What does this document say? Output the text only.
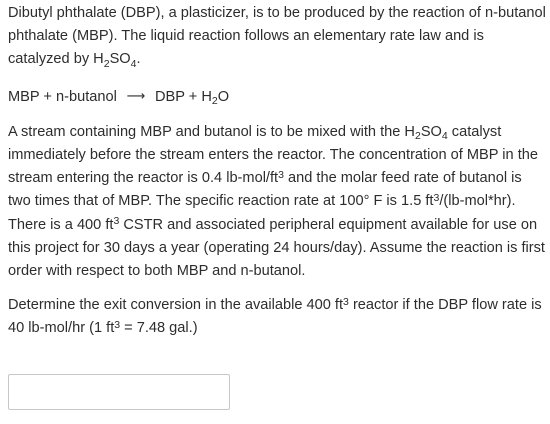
Dibutyl phthalate (DBP), a plasticizer, is to be produced by the reaction of n-butanol phthalate (MBP). The liquid reaction follows an elementary rate law and is catalyzed by $H_2SO_4$.

MBP + n-butanol ⟶ DBP + $H_2O$

A stream containing MBP and butanol is to be mixed with the $H_2SO_4$ catalyst immediately before the stream enters the reactor. The concentration of MBP in the stream entering the reactor is 0.4 $lb-mol/ft^3$ and the molar feed rate of butanol is two times that of MBP. The specific reaction rate at 100° F is 1.5 $ft^3/(lb-mol*hr)$. There is a 400 $ft^3$ CSTR and associated peripheral equipment available for use on this project for 30 days a year (operating 24 hours/day). Assume the reaction is first order with respect to both MBP and n-butanol.

Determine the exit conversion in the available 400 $ft^3$ reactor if the DBP flow rate is 40 lb-mol/hr (1 $ft^3 = 7.48$ gal.)
